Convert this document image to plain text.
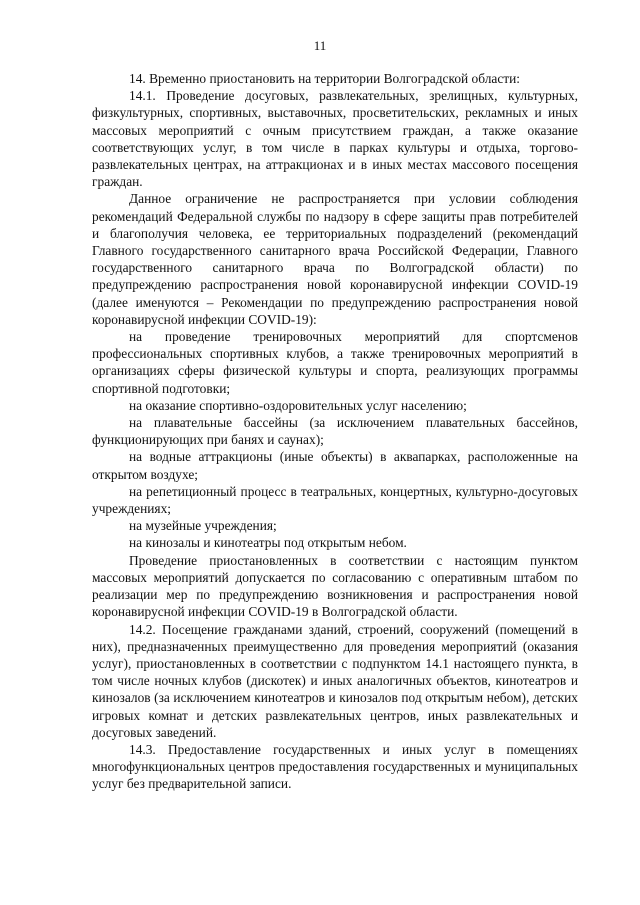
11

14. Временно приостановить на территории Волгоградской области:

14.1. Проведение досуговых, развлекательных, зрелищных, культурных, физкультурных, спортивных, выставочных, просветительских, рекламных и иных массовых мероприятий с очным присутствием граждан, а также оказание соответствующих услуг, в том числе в парках культуры и отдыха, торгово-развлекательных центрах, на аттракционах и в иных местах массового посещения граждан.

Данное ограничение не распространяется при условии соблюдения рекомендаций Федеральной службы по надзору в сфере защиты прав потребителей и благополучия человека, ее территориальных подразделений (рекомендаций Главного государственного санитарного врача Российской Федерации, Главного государственного санитарного врача по Волгоградской области) по предупреждению распространения новой коронавирусной инфекции COVID-19 (далее именуются – Рекомендации по предупреждению распространения новой коронавирусной инфекции COVID-19):

на проведение тренировочных мероприятий для спортсменов профессиональных спортивных клубов, а также тренировочных мероприятий в организациях сферы физической культуры и спорта, реализующих программы спортивной подготовки;

на оказание спортивно-оздоровительных услуг населению;

на плавательные бассейны (за исключением плавательных бассейнов, функционирующих при банях и саунах);

на водные аттракционы (иные объекты) в аквапарках, расположенные на открытом воздухе;

на репетиционный процесс в театральных, концертных, культурно-досуговых учреждениях;

на музейные учреждения;

на кинозалы и кинотеатры под открытым небом.

Проведение приостановленных в соответствии с настоящим пунктом массовых мероприятий допускается по согласованию с оперативным штабом по реализации мер по предупреждению возникновения и распространения новой коронавирусной инфекции COVID-19 в Волгоградской области.

14.2. Посещение гражданами зданий, строений, сооружений (помещений в них), предназначенных преимущественно для проведения мероприятий (оказания услуг), приостановленных в соответствии с подпунктом 14.1 настоящего пункта, в том числе ночных клубов (дискотек) и иных аналогичных объектов, кинотеатров и кинозалов (за исключением кинотеатров и кинозалов под открытым небом), детских игровых комнат и детских развлекательных центров, иных развлекательных и досуговых заведений.

14.3. Предоставление государственных и иных услуг в помещениях многофункциональных центров предоставления государственных и муниципальных услуг без предварительной записи.
